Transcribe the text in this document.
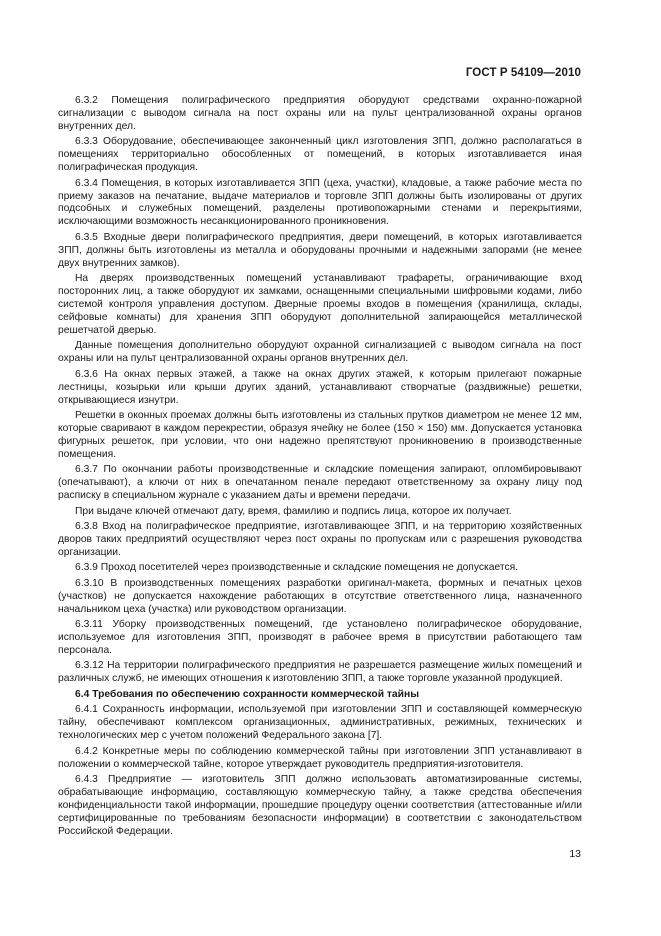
ГОСТ Р 54109—2010

6.3.2 Помещения полиграфического предприятия оборудуют средствами охранно-пожарной сигнализации с выводом сигнала на пост охраны или на пульт централизованной охраны органов внутренних дел.

6.3.3 Оборудование, обеспечивающее законченный цикл изготовления ЗПП, должно располагаться в помещениях территориально обособленных от помещений, в которых изготавливается иная полиграфическая продукция.

6.3.4 Помещения, в которых изготавливается ЗПП (цеха, участки), кладовые, а также рабочие места по приему заказов на печатание, выдаче материалов и торговле ЗПП должны быть изолированы от других подсобных и служебных помещений, разделены противопожарными стенами и перекрытиями, исключающими возможность несанкционированного проникновения.

6.3.5 Входные двери полиграфического предприятия, двери помещений, в которых изготавливается ЗПП, должны быть изготовлены из металла и оборудованы прочными и надежными запорами (не менее двух внутренних замков).

На дверях производственных помещений устанавливают трафареты, ограничивающие вход посторонних лиц, а также оборудуют их замками, оснащенными специальными шифровыми кодами, либо системой контроля управления доступом. Дверные проемы входов в помещения (хранилища, склады, сейфовые комнаты) для хранения ЗПП оборудуют дополнительной запирающейся металлической решетчатой дверью.

Данные помещения дополнительно оборудуют охранной сигнализацией с выводом сигнала на пост охраны или на пульт централизованной охраны органов внутренних дел.

6.3.6 На окнах первых этажей, а также на окнах других этажей, к которым прилегают пожарные лестницы, козырьки или крыши других зданий, устанавливают створчатые (раздвижные) решетки, открывающиеся изнутри.

Решетки в оконных проемах должны быть изготовлены из стальных прутков диаметром не менее 12 мм, которые сваривают в каждом перекрестии, образуя ячейку не более (150 × 150) мм. Допускается установка фигурных решеток, при условии, что они надежно препятствуют проникновению в производственные помещения.

6.3.7 По окончании работы производственные и складские помещения запирают, опломбировывают (опечатывают), а ключи от них в опечатанном пенале передают ответственному за охрану лицу под расписку в специальном журнале с указанием даты и времени передачи.

При выдаче ключей отмечают дату, время, фамилию и подпись лица, которое их получает.

6.3.8 Вход на полиграфическое предприятие, изготавливающее ЗПП, и на территорию хозяйственных дворов таких предприятий осуществляют через пост охраны по пропускам или с разрешения руководства организации.

6.3.9 Проход посетителей через производственные и складские помещения не допускается.

6.3.10 В производственных помещениях разработки оригинал-макета, формных и печатных цехов (участков) не допускается нахождение работающих в отсутствие ответственного лица, назначенного начальником цеха (участка) или руководством организации.

6.3.11 Уборку производственных помещений, где установлено полиграфическое оборудование, используемое для изготовления ЗПП, производят в рабочее время в присутствии работающего там персонала.

6.3.12 На территории полиграфического предприятия не разрешается размещение жилых помещений и различных служб, не имеющих отношения к изготовлению ЗПП, а также торговле указанной продукцией.

6.4 Требования по обеспечению сохранности коммерческой тайны

6.4.1 Сохранность информации, используемой при изготовлении ЗПП и составляющей коммерческую тайну, обеспечивают комплексом организационных, административных, режимных, технических и технологических мер с учетом положений Федерального закона [7].

6.4.2 Конкретные меры по соблюдению коммерческой тайны при изготовлении ЗПП устанавливают в положении о коммерческой тайне, которое утверждает руководитель предприятия-изготовителя.

6.4.3 Предприятие — изготовитель ЗПП должно использовать автоматизированные системы, обрабатывающие информацию, составляющую коммерческую тайну, а также средства обеспечения конфиденциальности такой информации, прошедшие процедуру оценки соответствия (аттестованные и/или сертифицированные по требованиям безопасности информации) в соответствии с законодательством Российской Федерации.

13
